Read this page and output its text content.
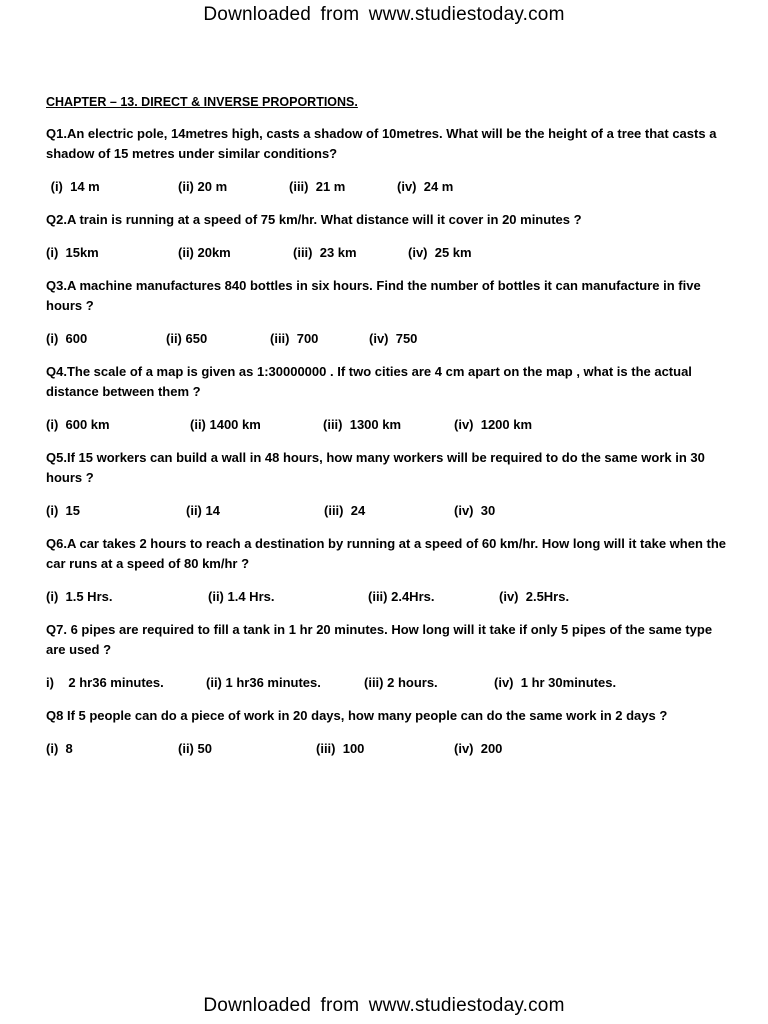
Downloaded from www.studiestoday.com
CHAPTER – 13. DIRECT & INVERSE PROPORTIONS.

Q1.An electric pole, 14metres high, casts a shadow of 10metres. What will be the height of a tree that casts a shadow of 15 metres under similar conditions?

(i)  14 m	(ii) 20 m	(iii)  21 m	(iv)  24 m

Q2.A train is running at a speed of 75 km/hr. What distance will it cover in 20 minutes ?

(i)  15km	(ii) 20km	(iii)  23 km	(iv)  25 km

Q3.A machine manufactures 840 bottles in six hours. Find the number of bottles it can manufacture in five hours ?

(i)  600	(ii) 650	(iii)  700	(iv)  750

Q4.The scale of a map is given as 1:30000000 . If two cities are 4 cm apart on the map , what is the actual distance between them ?

(i)  600 km	(ii) 1400 km	(iii)  1300 km	(iv)  1200 km

Q5.If 15 workers can build a wall in 48 hours, how many workers will be required to do the same work in 30 hours ?

(i)  15	(ii) 14	(iii)  24	(iv)  30

Q6.A car takes 2 hours to reach a destination by running at a speed of 60 km/hr. How long will it take when the car runs at a speed of 80 km/hr ?

(i)  1.5 Hrs.	(ii) 1.4 Hrs.	(iii) 2.4Hrs.	(iv)  2.5Hrs.

Q7. 6 pipes are required to fill a tank in 1 hr 20 minutes. How long will it take if only 5 pipes of the same type are used ?

i)    2 hr36 minutes.	(ii) 1 hr36 minutes.	(iii) 2 hours.	(iv)  1 hr 30minutes.

Q8 If 5 people can do a piece of work in 20 days, how many people can do the same work in 2 days ?

(i)  8	(ii) 50	(iii)  100	(iv)  200
Downloaded from www.studiestoday.com
